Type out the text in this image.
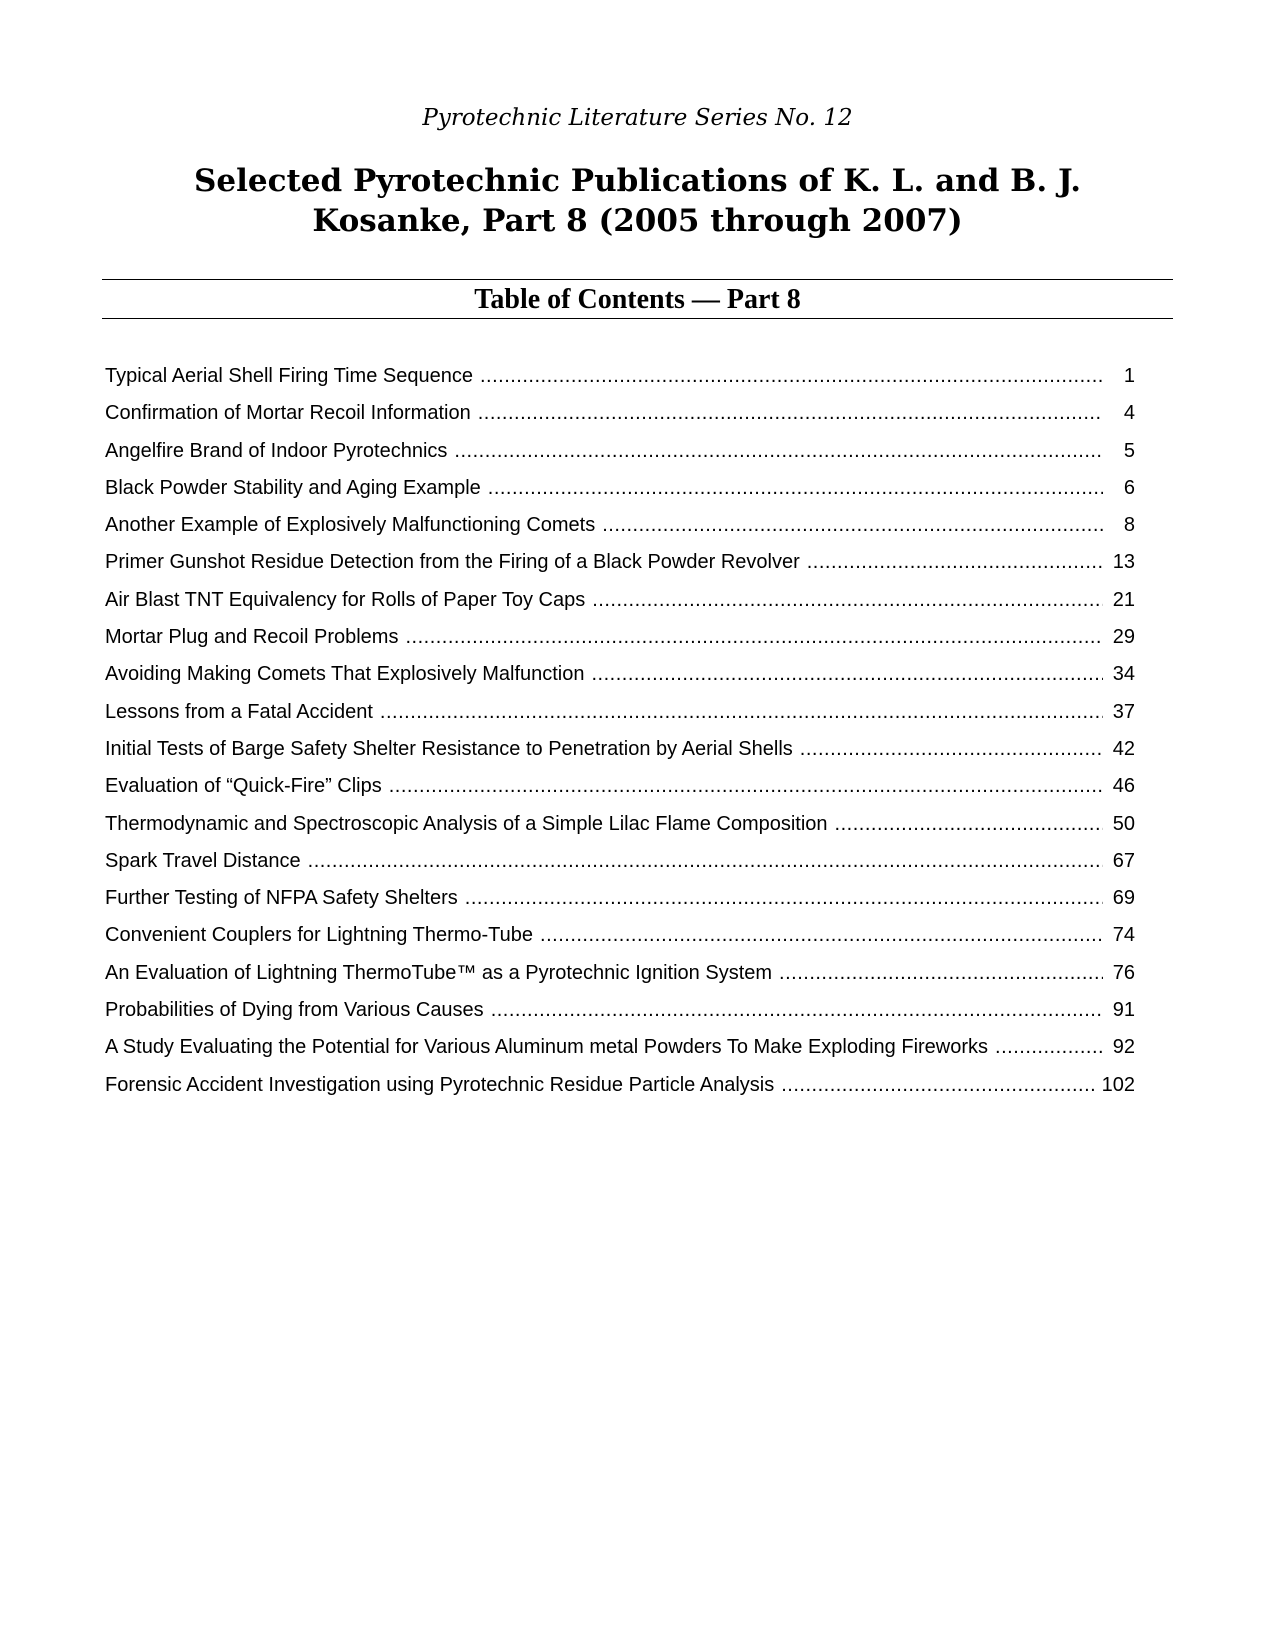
Pyrotechnic Literature Series No. 12
Selected Pyrotechnic Publications of K. L. and B. J. Kosanke, Part 8 (2005 through 2007)
Table of Contents — Part 8
Typical Aerial Shell Firing Time Sequence .....	1
Confirmation of Mortar Recoil Information .....	4
Angelfire Brand of Indoor Pyrotechnics .....	5
Black Powder Stability and Aging Example .....	6
Another Example of Explosively Malfunctioning Comets .....	8
Primer Gunshot Residue Detection from the Firing of a Black Powder Revolver .....	13
Air Blast TNT Equivalency for Rolls of Paper Toy Caps .....	21
Mortar Plug and Recoil Problems .....	29
Avoiding Making Comets That Explosively Malfunction .....	34
Lessons from a Fatal Accident .....	37
Initial Tests of Barge Safety Shelter Resistance to Penetration by Aerial Shells .....	42
Evaluation of “Quick-Fire” Clips .....	46
Thermodynamic and Spectroscopic Analysis of a Simple Lilac Flame Composition .....	50
Spark Travel Distance .....	67
Further Testing of NFPA Safety Shelters .....	69
Convenient Couplers for Lightning Thermo-Tube .....	74
An Evaluation of Lightning ThermoTube™ as a Pyrotechnic Ignition System .....	76
Probabilities of Dying from Various Causes .....	91
A Study Evaluating the Potential for Various Aluminum metal Powders To Make Exploding Fireworks .....	92
Forensic Accident Investigation using Pyrotechnic Residue Particle Analysis .....	102
